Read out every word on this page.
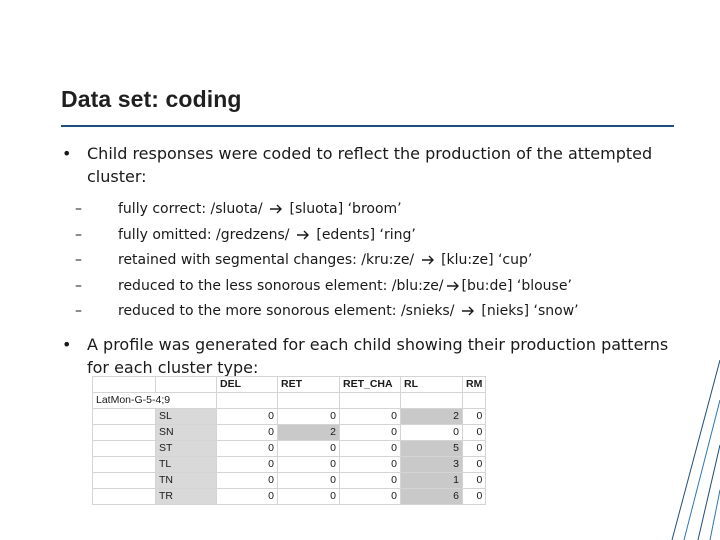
Data set: coding
• Child responses were coded to reflect the production of the attempted cluster:
–	fully correct: /sluota/ [sluota] ‘broom’
–	fully omitted: /gredzens/ [edents] ‘ring’
–	retained with segmental changes: /kru:ze/ [klu:ze] ‘cup’
–	reduced to the less sonorous element: /blu:ze/ [bu:de] ‘blouse’
–	reduced to the more sonorous element: /snieks/ [nieks] ‘snow’
• A profile was generated for each child showing their production patterns for each cluster type:
		DEL	RET	RET_CHA	RL	RM
LatMon-G-5-4;9						
	SL	0	0	0	2	0
	SN	0	2	0	0	0
	ST	0	0	0	5	0
	TL	0	0	0	3	0
	TN	0	0	0	1	0
	TR	0	0	0	6	0
